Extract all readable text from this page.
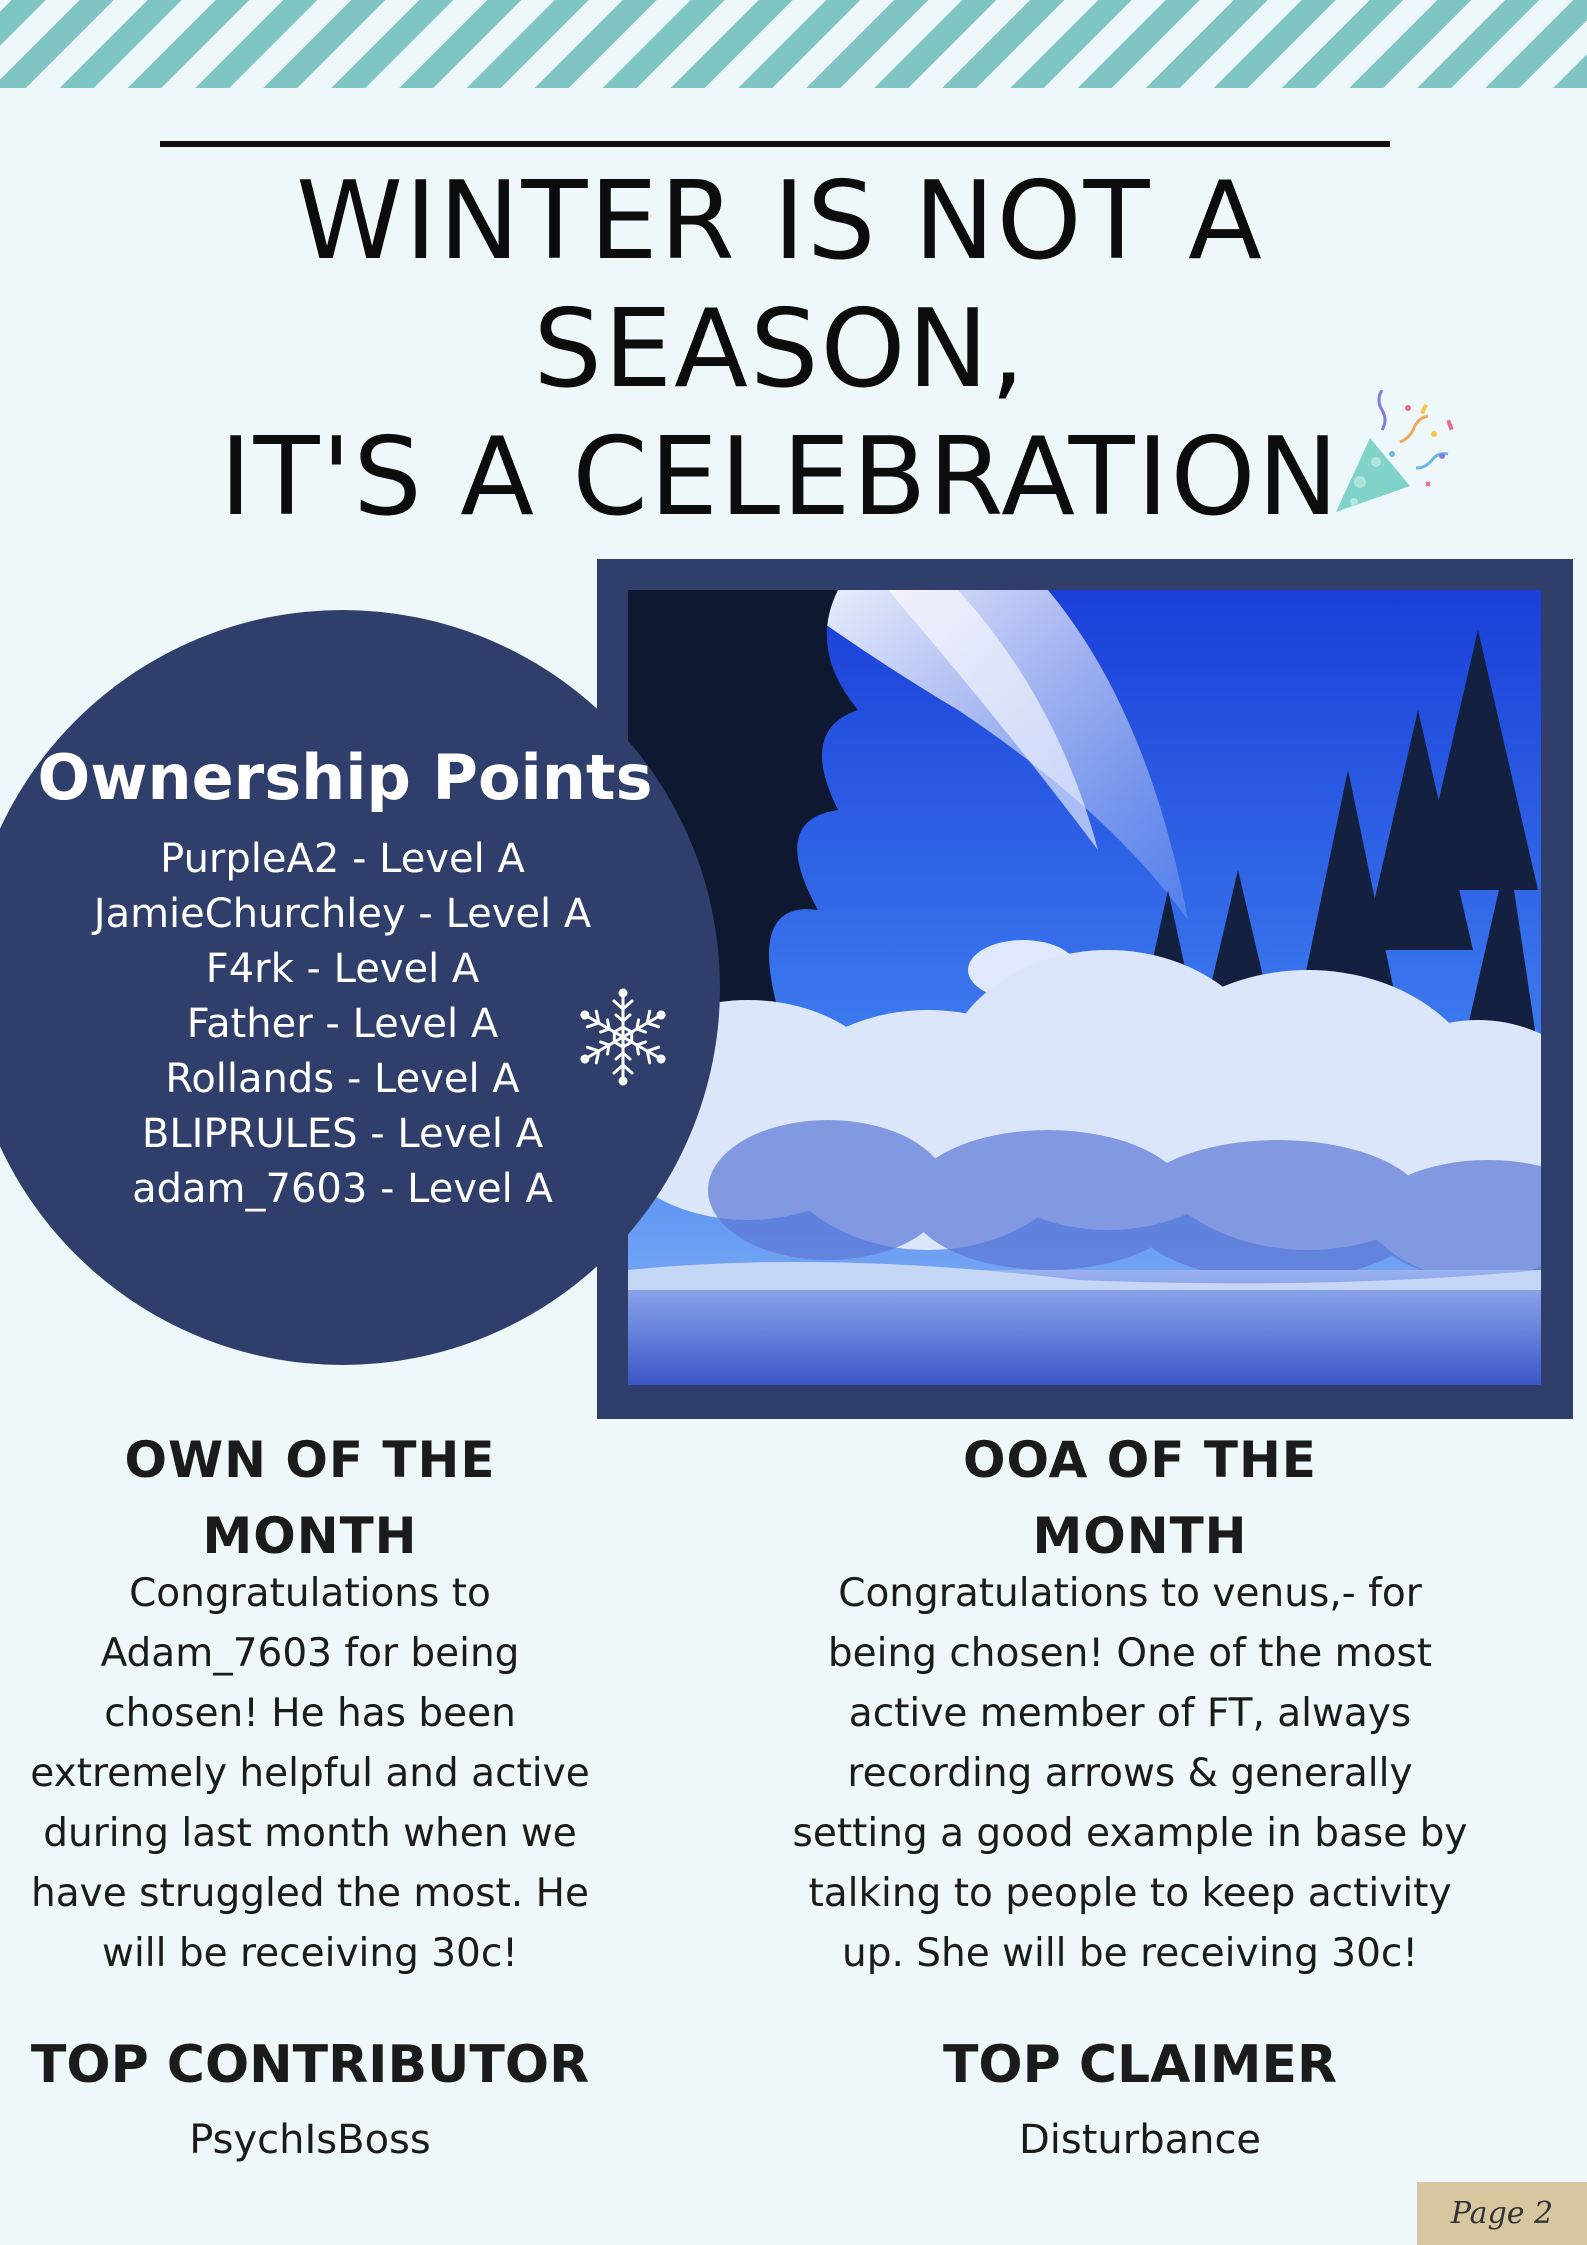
WINTER IS NOT A
SEASON,
IT'S A CELEBRATION
Ownership Points
PurpleA2 - Level A
JamieChurchley - Level A
F4rk - Level A
Father - Level A
Rollands - Level A
BLIPRULES - Level A
adam_7603 - Level A
OWN OF THE
MONTH
Congratulations to
Adam_7603 for being
chosen! He has been
extremely helpful and active
during last month when we
have struggled the most. He
will be receiving 30c!
OOA OF THE
MONTH
Congratulations to venus,- for
being chosen! One of the most
active member of FT, always
recording arrows & generally
setting a good example in base by
talking to people to keep activity
up. She will be receiving 30c!
TOP CONTRIBUTOR
PsychIsBoss
TOP CLAIMER
Disturbance
Page 2
